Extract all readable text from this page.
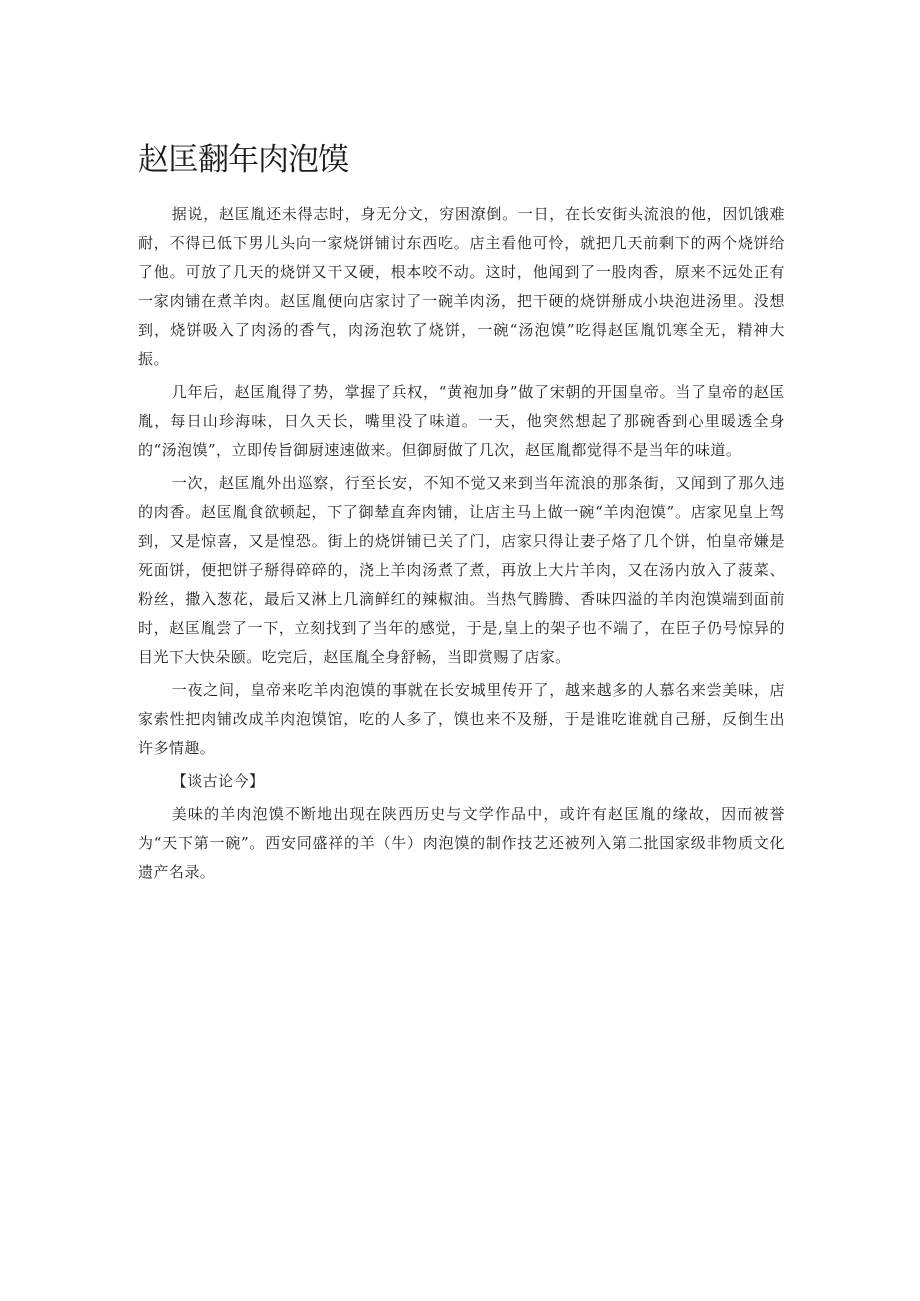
赵匡翻年肉泡馍

据说，赵匡胤还未得志时，身无分文，穷困潦倒。一日，在长安街头流浪的他，因饥饿难耐，不得已低下男儿头向一家烧饼铺讨东西吃。店主看他可怜，就把几天前剩下的两个烧饼给了他。可放了几天的烧饼又干又硬，根本咬不动。这时，他闻到了一股肉香，原来不远处正有一家肉铺在煮羊肉。赵匡胤便向店家讨了一碗羊肉汤，把干硬的烧饼掰成小块泡进汤里。没想到，烧饼吸入了肉汤的香气，肉汤泡软了烧饼，一碗“汤泡馍”吃得赵匡胤饥寒全无，精神大振。

几年后，赵匡胤得了势，掌握了兵权，“黄袍加身”做了宋朝的开国皇帝。当了皇帝的赵匡胤，每日山珍海味，日久天长，嘴里没了味道。一天，他突然想起了那碗香到心里暖透全身的“汤泡馍”，立即传旨御厨速速做来。但御厨做了几次，赵匡胤都觉得不是当年的味道。

一次，赵匡胤外出巡察，行至长安，不知不觉又来到当年流浪的那条街，又闻到了那久违的肉香。赵匡胤食欲顿起，下了御辇直奔肉铺，让店主马上做一碗“羊肉泡馍”。店家见皇上驾到，又是惊喜，又是惶恐。街上的烧饼铺已关了门，店家只得让妻子烙了几个饼，怕皇帝嫌是死面饼，便把饼子掰得碎碎的，浇上羊肉汤煮了煮，再放上大片羊肉，又在汤内放入了菠菜、粉丝，撒入葱花，最后又淋上几滴鲜红的辣椒油。当热气腾腾、香味四溢的羊肉泡馍端到面前时，赵匡胤尝了一下，立刻找到了当年的感觉，于是,皇上的架子也不端了，在臣子仍号惊异的目光下大快朵颐。吃完后，赵匡胤全身舒畅，当即赏赐了店家。

一夜之间，皇帝来吃羊肉泡馍的事就在长安城里传开了，越来越多的人慕名来尝美味，店家索性把肉铺改成羊肉泡馍馆，吃的人多了，馍也来不及掰，于是谁吃谁就自己掰，反倒生出许多情趣。

【谈古论今】

美味的羊肉泡馍不断地出现在陕西历史与文学作品中，或许有赵匡胤的缘故，因而被誉为“天下第一碗”。西安同盛祥的羊（牛）肉泡馍的制作技艺还被列入第二批国家级非物质文化遗产名录。
